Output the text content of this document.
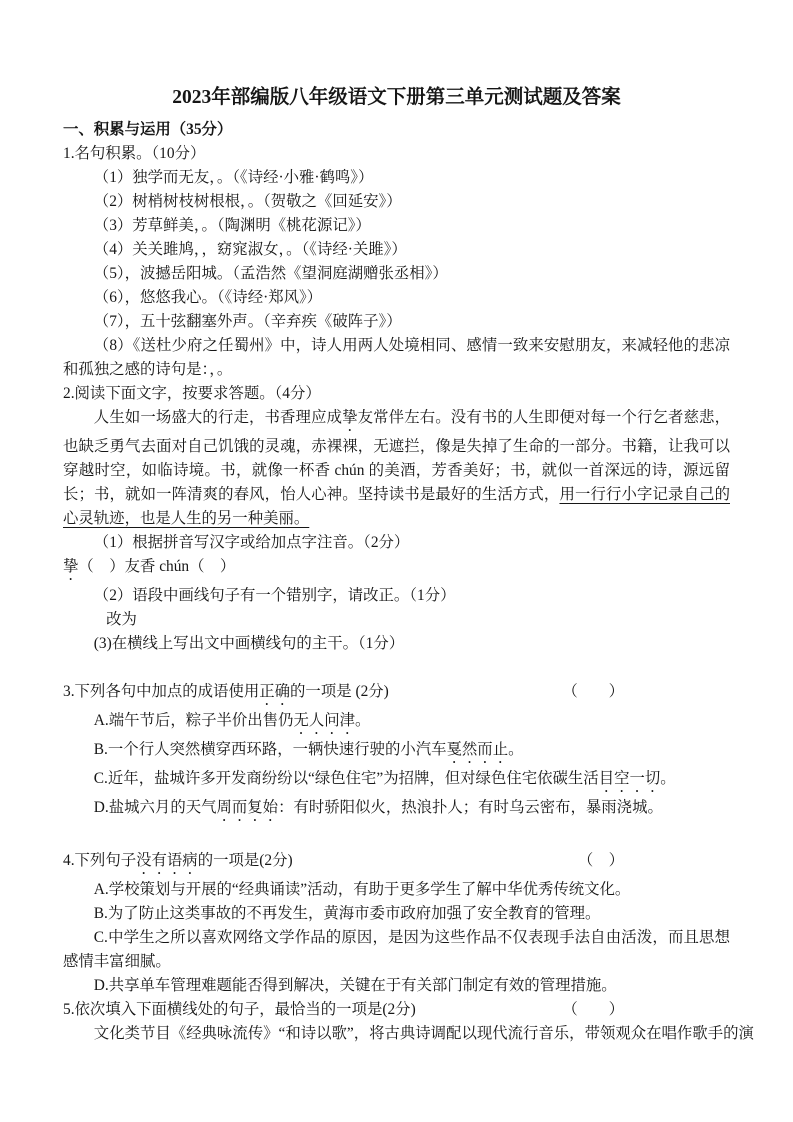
2023年部编版八年级语文下册第三单元测试题及答案

一、积累与运用（35分）

1.名句积累。（10分）

（1）独学而无友，。（《诗经·小雅·鹤鸣》）

（2）树梢树枝树根根，。（贺敬之《回延安》）

（3）芳草鲜美，。（陶渊明《桃花源记》）

（4）关关雎鸠，，窈窕淑女，。（《诗经·关雎》）

（5），波撼岳阳城。（孟浩然《望洞庭湖赠张丞相》）

（6），悠悠我心。（《诗经·郑风》）

（7），五十弦翻塞外声。（辛弃疾《破阵子》）

（8）《送杜少府之任蜀州》中，诗人用两人处境相同、感情一致来安慰朋友，来减轻他的悲凉和孤独之感的诗句是：，。

2.阅读下面文字，按要求答题。（4分）

人生如一场盛大的行走，书香理应成挚友常伴左右。没有书的人生即便对每一个行乞者慈悲，也缺乏勇气去面对自己饥饿的灵魂，赤裸裸，无遮拦，像是失掉了生命的一部分。书籍，让我可以穿越时空，如临诗境。书，就像一杯香 chún 的美酒，芳香美好；书，就似一首深远的诗，源远留长；书，就如一阵清爽的春风，怡人心神。坚持读书是最好的生活方式，用一行行小字记录自己的心灵轨迹，也是人生的另一种美丽。

（1）根据拼音写汉字或给加点字注音。（2分）

挚（　）友香 chún（　）

（2）语段中画线句子有一个错别字，请改正。（1分）

改为

(3)在横线上写出文中画横线句的主干。（1分）

3.下列各句中加点的成语使用正确的一项是 (2分)	（　　）

A.端午节后，粽子半价出售仍无人问津。

B.一个行人突然横穿西环路，一辆快速行驶的小汽车戛然而止。

C.近年，盐城许多开发商纷纷以“绿色住宅”为招牌，但对绿色住宅依碳生活目空一切。

D.盐城六月的天气周而复始：有时骄阳似火，热浪扑人；有时乌云密布，暴雨浇城。

4.下列句子没有语病的一项是(2分)	（　）

A.学校策划与开展的“经典诵读”活动，有助于更多学生了解中华优秀传统文化。

B.为了防止这类事故的不再发生，黄海市委市政府加强了安全教育的管理。

C.中学生之所以喜欢网络文学作品的原因，是因为这些作品不仅表现手法自由活泼，而且思想感情丰富细腻。

D.共享单车管理难题能否得到解决，关键在于有关部门制定有效的管理措施。

5.依次填入下面横线处的句子，最恰当的一项是(2分)	（　　）

文化类节目《经典咏流传》“和诗以歌”，将古典诗调配以现代流行音乐，带领观众在唱作歌手的演
